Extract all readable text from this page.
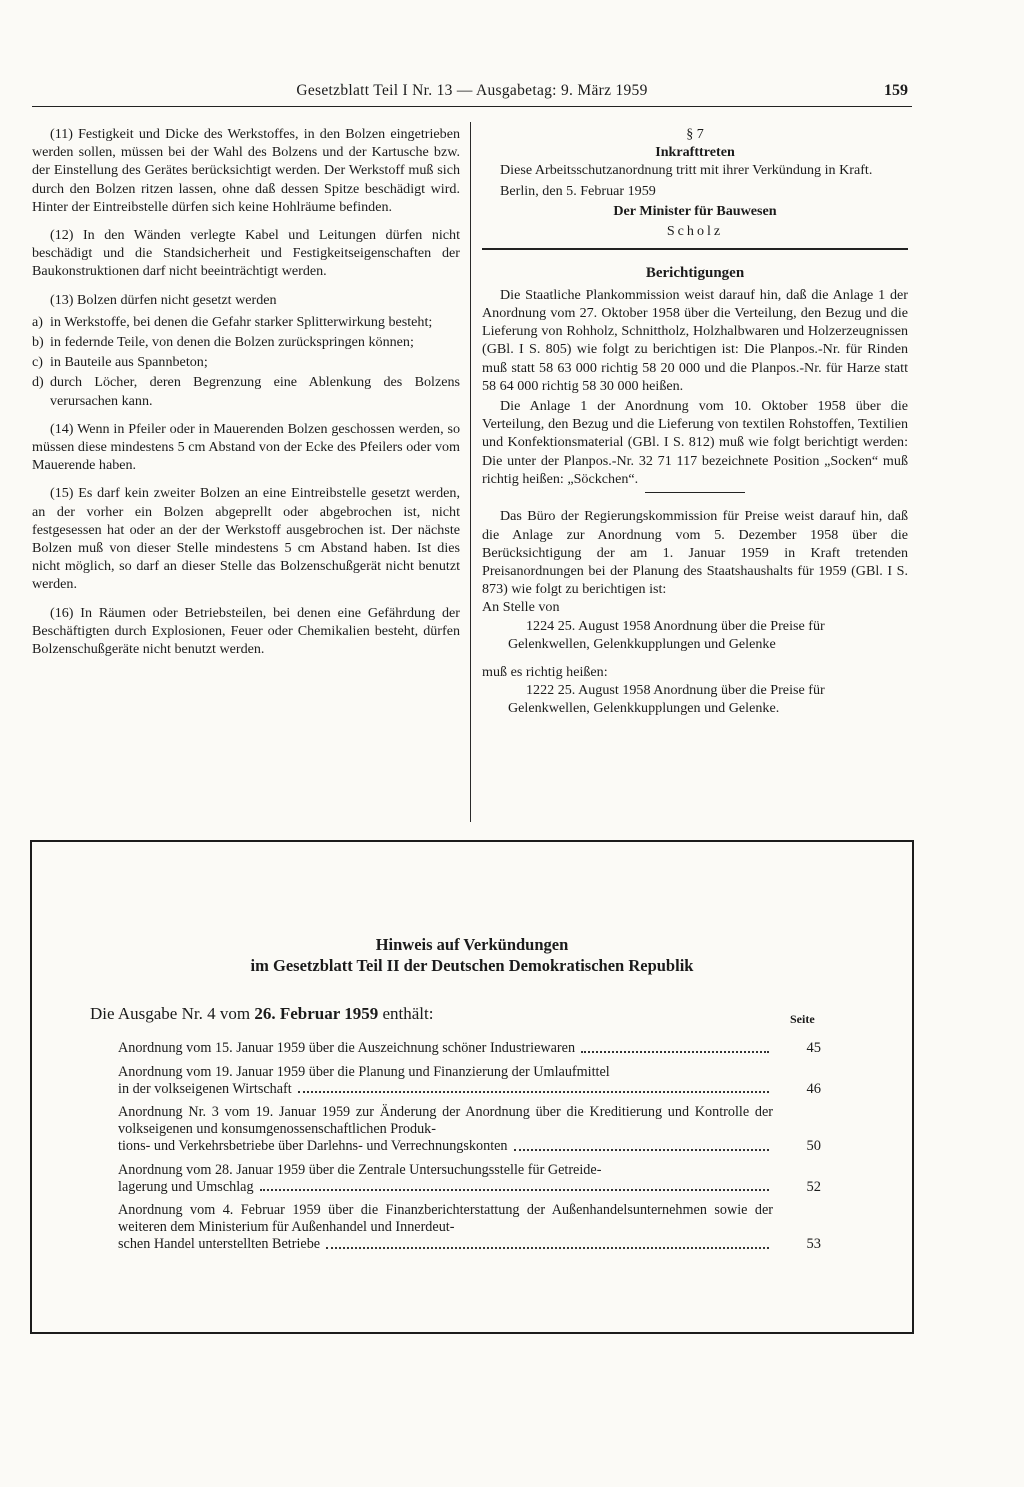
Gesetzblatt Teil I Nr. 13 — Ausgabetag: 9. März 1959	159

(11) Festigkeit und Dicke des Werkstoffes, in den Bolzen eingetrieben werden sollen, müssen bei der Wahl des Bolzens und der Kartusche bzw. der Einstellung des Gerätes berücksichtigt werden. Der Werkstoff muß sich durch den Bolzen ritzen lassen, ohne daß dessen Spitze beschädigt wird. Hinter der Eintreibstelle dürfen sich keine Hohlräume befinden.

(12) In den Wänden verlegte Kabel und Leitungen dürfen nicht beschädigt und die Standsicherheit und Festigkeitseigenschaften der Baukonstruktionen darf nicht beeinträchtigt werden.

(13) Bolzen dürfen nicht gesetzt werden

a) in Werkstoffe, bei denen die Gefahr starker Splitterwirkung besteht;
b) in federnde Teile, von denen die Bolzen zurückspringen können;
c) in Bauteile aus Spannbeton;
d) durch Löcher, deren Begrenzung eine Ablenkung des Bolzens verursachen kann.

(14) Wenn in Pfeiler oder in Mauerenden Bolzen geschossen werden, so müssen diese mindestens 5 cm Abstand von der Ecke des Pfeilers oder vom Mauerende haben.

(15) Es darf kein zweiter Bolzen an eine Eintreibstelle gesetzt werden, an der vorher ein Bolzen abgeprellt oder abgebrochen ist, nicht festgesessen hat oder an der der Werkstoff ausgebrochen ist. Der nächste Bolzen muß von dieser Stelle mindestens 5 cm Abstand haben. Ist dies nicht möglich, so darf an dieser Stelle das Bolzenschußgerät nicht benutzt werden.

(16) In Räumen oder Betriebsteilen, bei denen eine Gefährdung der Beschäftigten durch Explosionen, Feuer oder Chemikalien besteht, dürfen Bolzenschußgeräte nicht benutzt werden.

§ 7

Inkrafttreten

Diese Arbeitsschutzanordnung tritt mit ihrer Verkündung in Kraft.

Berlin, den 5. Februar 1959

Der Minister für Bauwesen

Scholz

Berichtigungen

Die Staatliche Plankommission weist darauf hin, daß die Anlage 1 der Anordnung vom 27. Oktober 1958 über die Verteilung, den Bezug und die Lieferung von Rohholz, Schnittholz, Holzhalbwaren und Holzerzeugnissen (GBl. I S. 805) wie folgt zu berichtigen ist: Die Planpos.-Nr. für Rinden muß statt 58 63 000 richtig 58 20 000 und die Planpos.-Nr. für Harze statt 58 64 000 richtig 58 30 000 heißen.

Die Anlage 1 der Anordnung vom 10. Oktober 1958 über die Verteilung, den Bezug und die Lieferung von textilen Rohstoffen, Textilien und Konfektionsmaterial (GBl. I S. 812) muß wie folgt berichtigt werden: Die unter der Planpos.-Nr. 32 71 117 bezeichnete Position „Socken“ muß richtig heißen: „Söckchen“.

Das Büro der Regierungskommission für Preise weist darauf hin, daß die Anlage zur Anordnung vom 5. Dezember 1958 über die Berücksichtigung der am 1. Januar 1959 in Kraft tretenden Preisanordnungen bei der Planung des Staatshaushalts für 1959 (GBl. I S. 873) wie folgt zu berichtigen ist:

An Stelle von

1224 25. August 1958 Anordnung über die Preise für Gelenkwellen, Gelenkkupplungen und Gelenke

muß es richtig heißen:

1222 25. August 1958 Anordnung über die Preise für Gelenkwellen, Gelenkkupplungen und Gelenke.

Hinweis auf Verkündungen
im Gesetzblatt Teil II der Deutschen Demokratischen Republik
Die Ausgabe Nr. 4 vom 26. Februar 1959 enthält:	Seite
Anordnung vom 15. Januar 1959 über die Auszeichnung schöner Industriewaren	45
Anordnung vom 19. Januar 1959 über die Planung und Finanzierung der Umlaufmittel
in der volkseigenen Wirtschaft	46
Anordnung Nr. 3 vom 19. Januar 1959 zur Änderung der Anordnung über die Kreditierung und Kontrolle der volkseigenen und konsumgenossenschaftlichen Produk-
tions- und Verkehrsbetriebe über Darlehns- und Verrechnungskonten	50
Anordnung vom 28. Januar 1959 über die Zentrale Untersuchungsstelle für Getreide-
lagerung und Umschlag	52
Anordnung vom 4. Februar 1959 über die Finanzberichterstattung der Außenhandelsunternehmen sowie der weiteren dem Ministerium für Außenhandel und Innerdeut-
schen Handel unterstellten Betriebe	53
